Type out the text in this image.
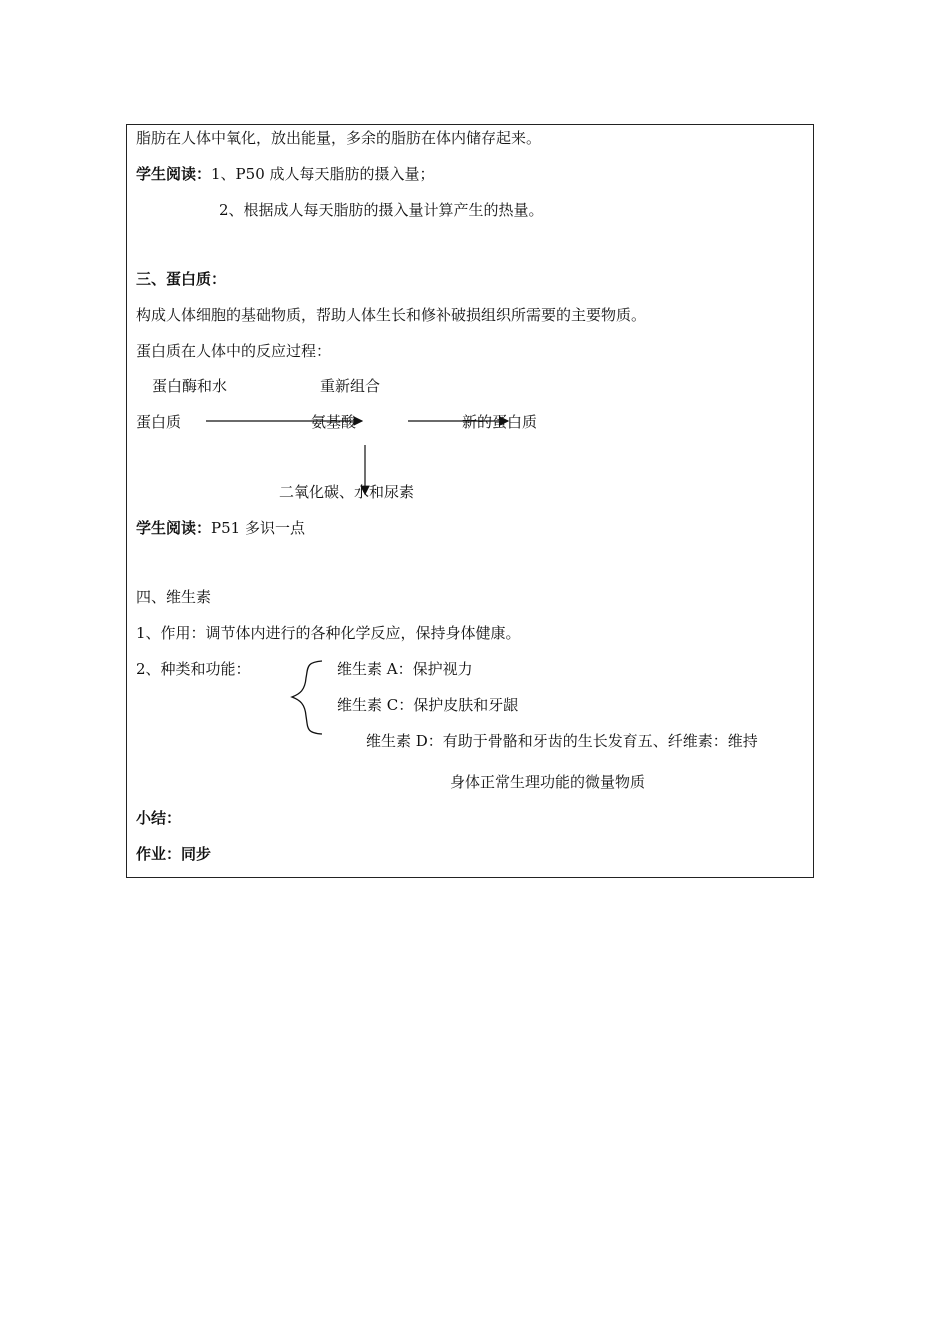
脂肪在人体中氧化，放出能量，多余的脂肪在体内储存起来。
学生阅读：1、P50 成人每天脂肪的摄入量；
2、根据成人每天脂肪的摄入量计算产生的热量。
三、蛋白质：
构成人体细胞的基础物质，帮助人体生长和修补破损组织所需要的主要物质。
蛋白质在人体中的反应过程：
蛋白酶和水	重新组合
蛋白质	氨基酸	新的蛋白质
二氧化碳、水和尿素
学生阅读：P51 多识一点
四、维生素
1、作用：调节体内进行的各种化学反应，保持身体健康。
2、种类和功能：	维生素 A：保护视力
维生素 C：保护皮肤和牙龈
维生素 D：有助于骨骼和牙齿的生长发育五、纤维素：维持
身体正常生理功能的微量物质
小结：
作业：同步
